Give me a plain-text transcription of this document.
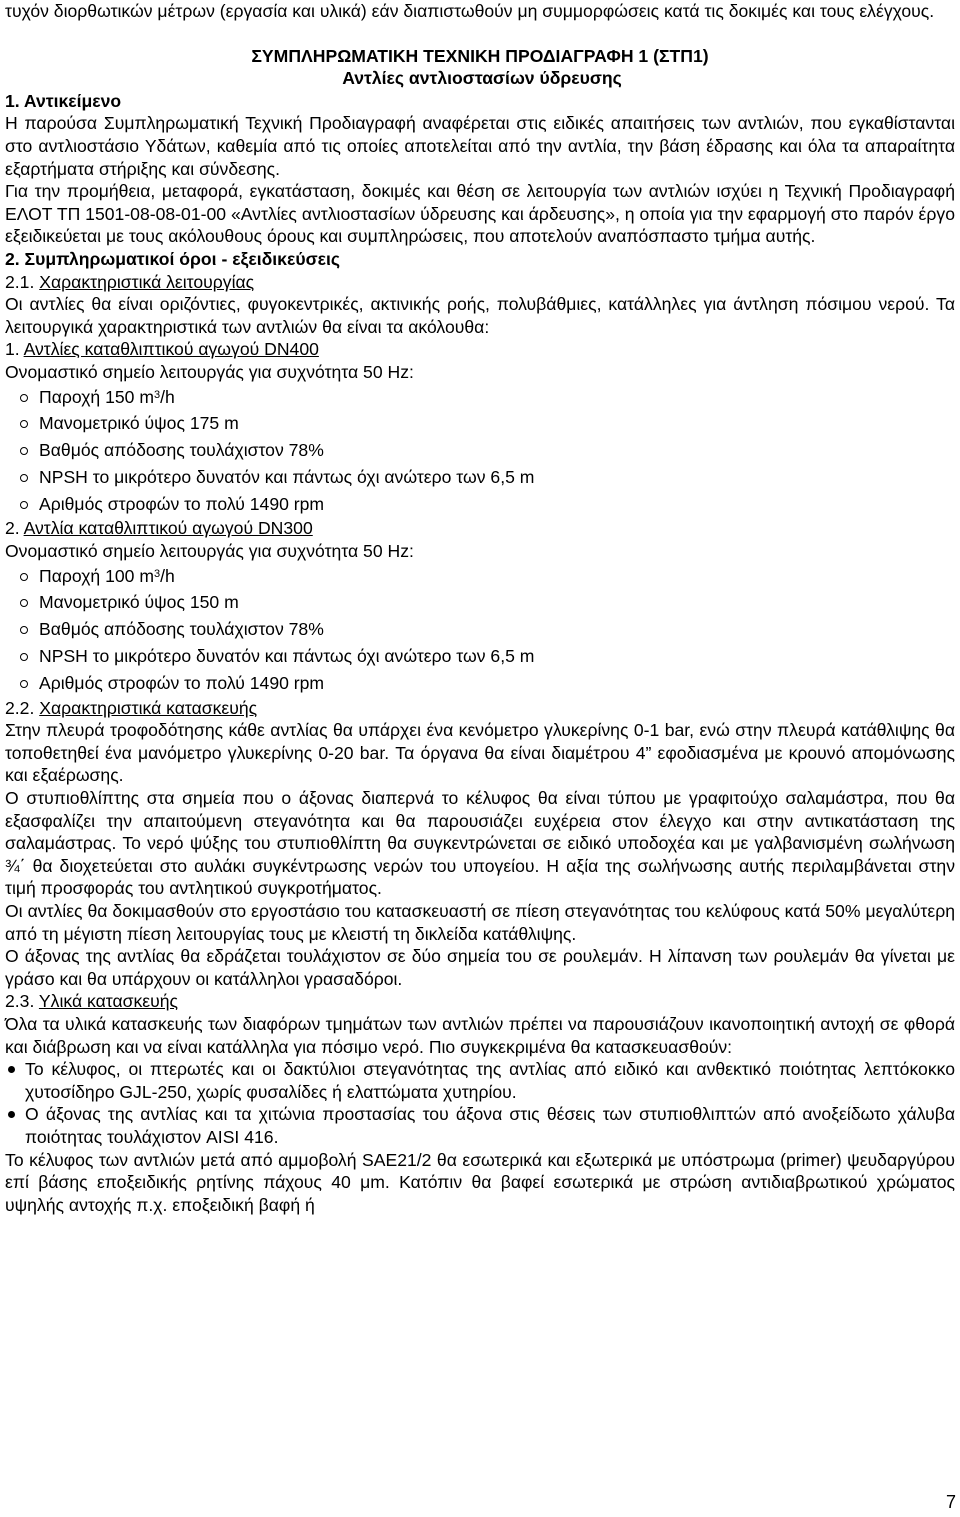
τυχόν διορθωτικών μέτρων (εργασία και υλικά) εάν διαπιστωθούν μη συμμορφώσεις κατά τις δοκιμές και τους ελέγχους.

ΣΥΜΠΛΗΡΩΜΑΤΙΚΗ ΤΕΧΝΙΚΗ ΠΡΟΔΙΑΓΡΑΦΗ 1 (ΣΤΠ1)

Αντλίες αντλιοστασίων ύδρευσης

1. Αντικείμενο

Η παρούσα Συμπληρωματική Τεχνική Προδιαγραφή αναφέρεται στις ειδικές απαιτήσεις των αντλιών, που εγκαθίστανται στο αντλιοστάσιο Υδάτων, καθεμία από τις οποίες αποτελείται από την αντλία, την βάση έδρασης και όλα τα απαραίτητα εξαρτήματα στήριξης και σύνδεσης.

Για την προμήθεια, μεταφορά, εγκατάσταση, δοκιμές και θέση σε λειτουργία των αντλιών ισχύει η Τεχνική Προδιαγραφή ΕΛΟΤ ΤΠ 1501-08-08-01-00 «Αντλίες αντλιοστασίων ύδρευσης και άρδευσης», η οποία για την εφαρμογή στο παρόν έργο εξειδικεύεται με τους ακόλουθους όρους και συμπληρώσεις, που αποτελούν αναπόσπαστο τμήμα αυτής.

2. Συμπληρωματικοί όροι - εξειδικεύσεις

2.1. Χαρακτηριστικά λειτουργίας

Οι αντλίες θα είναι οριζόντιες, φυγοκεντρικές, ακτινικής ροής, πολυβάθμιες, κατάλληλες για άντληση πόσιμου νερού. Τα λειτουργικά χαρακτηριστικά των αντλιών θα είναι τα ακόλουθα:

1. Αντλίες καταθλιπτικού αγωγού DN400

Ονομαστικό σημείο λειτουργάς για συχνότητα 50 Hz:

Παροχή 150 $m^3/h$
Μανομετρικό ύψος 175 m
Βαθμός απόδοσης τουλάχιστον 78%
NPSH το μικρότερο δυνατόν και πάντως όχι ανώτερο των 6,5 m
Αριθμός στροφών το πολύ 1490 rpm

2. Αντλία καταθλιπτικού αγωγού DN300

Ονομαστικό σημείο λειτουργάς για συχνότητα 50 Hz:

Παροχή 100 $m^3/h$
Μανομετρικό ύψος 150 m
Βαθμός απόδοσης τουλάχιστον 78%
NPSH το μικρότερο δυνατόν και πάντως όχι ανώτερο των 6,5 m
Αριθμός στροφών το πολύ 1490 rpm

2.2. Χαρακτηριστικά κατασκευής

Στην πλευρά τροφοδότησης κάθε αντλίας θα υπάρχει ένα κενόμετρο γλυκερίνης 0-1 bar, ενώ στην πλευρά κατάθλιψης θα τοποθετηθεί ένα μανόμετρο γλυκερίνης 0-20 bar. Τα όργανα θα είναι διαμέτρου 4” εφοδιασμένα με κρουνό απομόνωσης και εξαέρωσης.

Ο στυπιοθλίπτης στα σημεία που ο άξονας διαπερνά το κέλυφος θα είναι τύπου με γραφιτούχο σαλαμάστρα, που θα εξασφαλίζει την απαιτούμενη στεγανότητα και θα παρουσιάζει ευχέρεια στον έλεγχο και στην αντικατάσταση της σαλαμάστρας. Το νερό ψύξης του στυπιοθλίπτη θα συγκεντρώνεται σε ειδικό υποδοχέα και με γαλβανισμένη σωλήνωση ¾΄ θα διοχετεύεται στο αυλάκι συγκέντρωσης νερών του υπογείου. Η αξία της σωλήνωσης αυτής περιλαμβάνεται στην τιμή προσφοράς του αντλητικού συγκροτήματος.

Οι αντλίες θα δοκιμασθούν στο εργοστάσιο του κατασκευαστή σε πίεση στεγανότητας του κελύφους κατά 50% μεγαλύτερη από τη μέγιστη πίεση λειτουργίας τους με κλειστή τη δικλείδα κατάθλιψης.

Ο άξονας της αντλίας θα εδράζεται τουλάχιστον σε δύο σημεία του σε ρουλεμάν. Η λίπανση των ρουλεμάν θα γίνεται με γράσο και θα υπάρχουν οι κατάλληλοι γρασαδόροι.

2.3. Υλικά κατασκευής

Όλα τα υλικά κατασκευής των διαφόρων τμημάτων των αντλιών πρέπει να παρουσιάζουν ικανοποιητική αντοχή σε φθορά και διάβρωση και να είναι κατάλληλα για πόσιμο νερό. Πιο συγκεκριμένα θα κατασκευασθούν:

Το κέλυφος, οι πτερωτές και οι δακτύλιοι στεγανότητας της αντλίας από ειδικό και ανθεκτικό ποιότητας λεπτόκοκκο χυτοσίδηρο GJL-250, χωρίς φυσαλίδες ή ελαττώματα χυτηρίου.
Ο άξονας της αντλίας και τα χιτώνια προστασίας του άξονα στις θέσεις των στυπιοθλιπτών από ανοξείδωτο χάλυβα ποιότητας τουλάχιστον AISI 416.

Το κέλυφος των αντλιών μετά από αμμοβολή SAE21/2 θα εσωτερικά και εξωτερικά με υπόστρωμα (primer) ψευδαργύρου επί βάσης εποξειδικής ρητίνης πάχους 40 μm. Κατόπιν θα βαφεί εσωτερικά με στρώση αντιδιαβρωτικού χρώματος υψηλής αντοχής π.χ. εποξειδική βαφή ή

7
